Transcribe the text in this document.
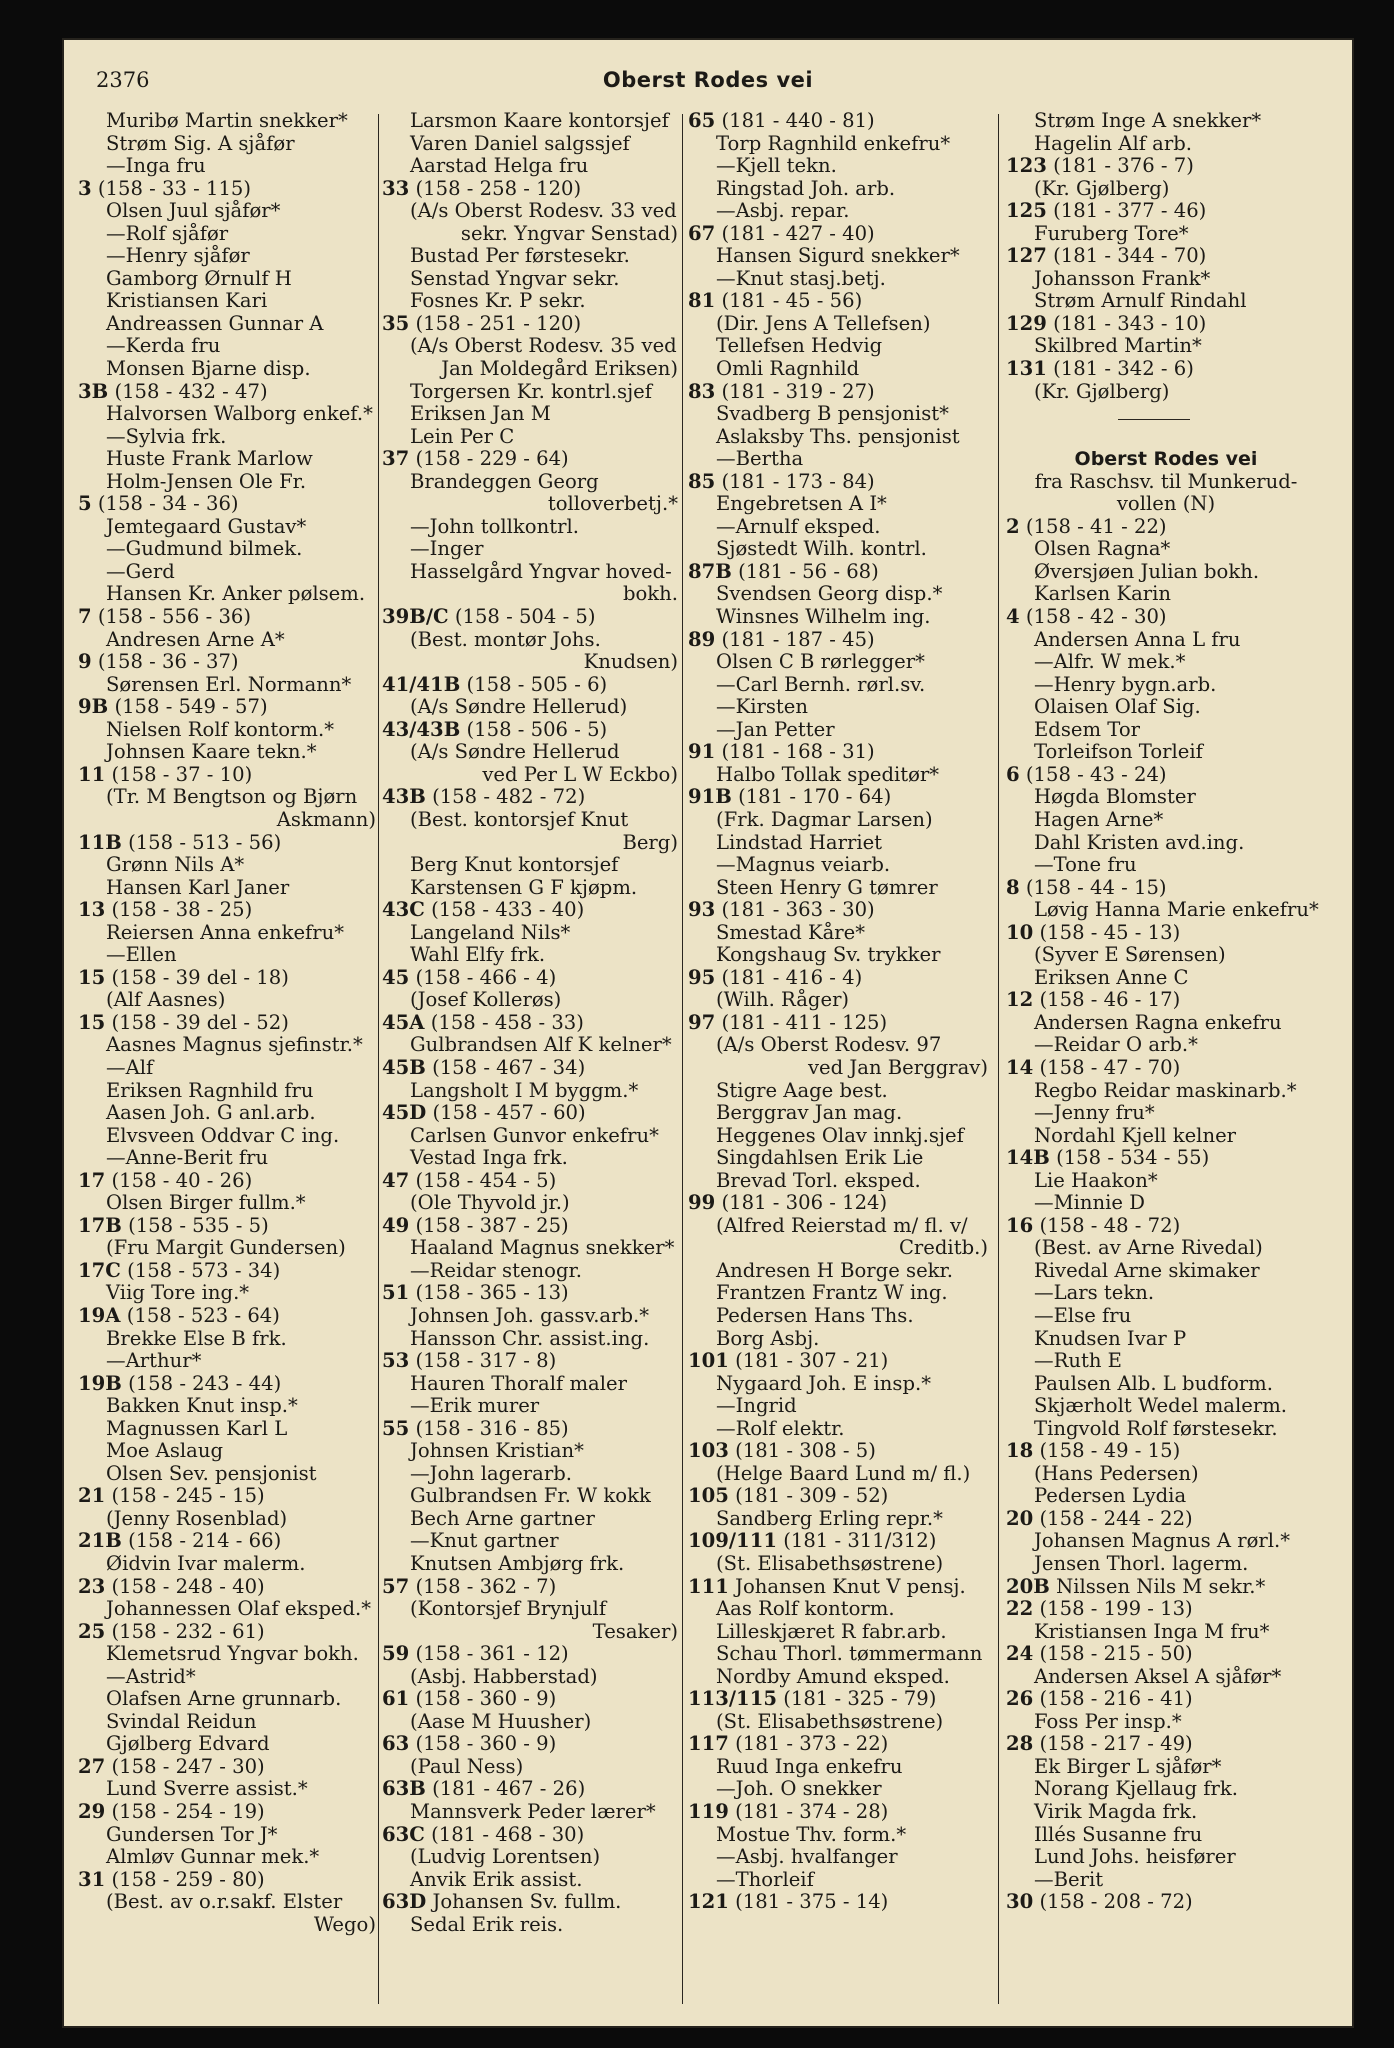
2376	Oberst Rodes vei
Muribø Martin snekker*
Strøm Sig. A sjåfør
—Inga fru
3 (158 - 33 - 115)
Olsen Juul sjåfør*
—Rolf sjåfør
—Henry sjåfør
Gamborg Ørnulf H
Kristiansen Kari
Andreassen Gunnar A
—Kerda fru
Monsen Bjarne disp.
3B (158 - 432 - 47)
Halvorsen Walborg enkef.*
—Sylvia frk.
Huste Frank Marlow
Holm-Jensen Ole Fr.
5 (158 - 34 - 36)
Jemtegaard Gustav*
—Gudmund bilmek.
—Gerd
Hansen Kr. Anker pølsem.
7 (158 - 556 - 36)
Andresen Arne A*
9 (158 - 36 - 37)
Sørensen Erl. Normann*
9B (158 - 549 - 57)
Nielsen Rolf kontorm.*
Johnsen Kaare tekn.*
11 (158 - 37 - 10)
(Tr. M Bengtson og Bjørn
Askmann)
11B (158 - 513 - 56)
Grønn Nils A*
Hansen Karl Janer
13 (158 - 38 - 25)
Reiersen Anna enkefru*
—Ellen
15 (158 - 39 del - 18)
(Alf Aasnes)
15 (158 - 39 del - 52)
Aasnes Magnus sjefinstr.*
—Alf
Eriksen Ragnhild fru
Aasen Joh. G anl.arb.
Elvsveen Oddvar C ing.
—Anne-Berit fru
17 (158 - 40 - 26)
Olsen Birger fullm.*
17B (158 - 535 - 5)
(Fru Margit Gundersen)
17C (158 - 573 - 34)
Viig Tore ing.*
19A (158 - 523 - 64)
Brekke Else B frk.
—Arthur*
19B (158 - 243 - 44)
Bakken Knut insp.*
Magnussen Karl L
Moe Aslaug
Olsen Sev. pensjonist
21 (158 - 245 - 15)
(Jenny Rosenblad)
21B (158 - 214 - 66)
Øidvin Ivar malerm.
23 (158 - 248 - 40)
Johannessen Olaf eksped.*
25 (158 - 232 - 61)
Klemetsrud Yngvar bokh.
—Astrid*
Olafsen Arne grunnarb.
Svindal Reidun
Gjølberg Edvard
27 (158 - 247 - 30)
Lund Sverre assist.*
29 (158 - 254 - 19)
Gundersen Tor J*
Almløv Gunnar mek.*
31 (158 - 259 - 80)
(Best. av o.r.sakf. Elster
Wego)
Larsmon Kaare kontorsjef
Varen Daniel salgssjef
Aarstad Helga fru
33 (158 - 258 - 120)
(A/s Oberst Rodesv. 33 ved
sekr. Yngvar Senstad)
Bustad Per førstesekr.
Senstad Yngvar sekr.
Fosnes Kr. P sekr.
35 (158 - 251 - 120)
(A/s Oberst Rodesv. 35 ved
Jan Moldegård Eriksen)
Torgersen Kr. kontrl.sjef
Eriksen Jan M
Lein Per C
37 (158 - 229 - 64)
Brandeggen Georg
tolloverbetj.*
—John tollkontrl.
—Inger
Hasselgård Yngvar hoved-
bokh.
39B/C (158 - 504 - 5)
(Best. montør Johs.
Knudsen)
41/41B (158 - 505 - 6)
(A/s Søndre Hellerud)
43/43B (158 - 506 - 5)
(A/s Søndre Hellerud
ved Per L W Eckbo)
43B (158 - 482 - 72)
(Best. kontorsjef Knut
Berg)
Berg Knut kontorsjef
Karstensen G F kjøpm.
43C (158 - 433 - 40)
Langeland Nils*
Wahl Elfy frk.
45 (158 - 466 - 4)
(Josef Kollerøs)
45A (158 - 458 - 33)
Gulbrandsen Alf K kelner*
45B (158 - 467 - 34)
Langsholt I M byggm.*
45D (158 - 457 - 60)
Carlsen Gunvor enkefru*
Vestad Inga frk.
47 (158 - 454 - 5)
(Ole Thyvold jr.)
49 (158 - 387 - 25)
Haaland Magnus snekker*
—Reidar stenogr.
51 (158 - 365 - 13)
Johnsen Joh. gassv.arb.*
Hansson Chr. assist.ing.
53 (158 - 317 - 8)
Hauren Thoralf maler
—Erik murer
55 (158 - 316 - 85)
Johnsen Kristian*
—John lagerarb.
Gulbrandsen Fr. W kokk
Bech Arne gartner
—Knut gartner
Knutsen Ambjørg frk.
57 (158 - 362 - 7)
(Kontorsjef Brynjulf
Tesaker)
59 (158 - 361 - 12)
(Asbj. Habberstad)
61 (158 - 360 - 9)
(Aase M Huusher)
63 (158 - 360 - 9)
(Paul Ness)
63B (181 - 467 - 26)
Mannsverk Peder lærer*
63C (181 - 468 - 30)
(Ludvig Lorentsen)
Anvik Erik assist.
63D Johansen Sv. fullm.
Sedal Erik reis.
65 (181 - 440 - 81)
Torp Ragnhild enkefru*
—Kjell tekn.
Ringstad Joh. arb.
—Asbj. repar.
67 (181 - 427 - 40)
Hansen Sigurd snekker*
—Knut stasj.betj.
81 (181 - 45 - 56)
(Dir. Jens A Tellefsen)
Tellefsen Hedvig
Omli Ragnhild
83 (181 - 319 - 27)
Svadberg B pensjonist*
Aslaksby Ths. pensjonist
—Bertha
85 (181 - 173 - 84)
Engebretsen A I*
—Arnulf eksped.
Sjøstedt Wilh. kontrl.
87B (181 - 56 - 68)
Svendsen Georg disp.*
Winsnes Wilhelm ing.
89 (181 - 187 - 45)
Olsen C B rørlegger*
—Carl Bernh. rørl.sv.
—Kirsten
—Jan Petter
91 (181 - 168 - 31)
Halbo Tollak speditør*
91B (181 - 170 - 64)
(Frk. Dagmar Larsen)
Lindstad Harriet
—Magnus veiarb.
Steen Henry G tømrer
93 (181 - 363 - 30)
Smestad Kåre*
Kongshaug Sv. trykker
95 (181 - 416 - 4)
(Wilh. Råger)
97 (181 - 411 - 125)
(A/s Oberst Rodesv. 97
ved Jan Berggrav)
Stigre Aage best.
Berggrav Jan mag.
Heggenes Olav innkj.sjef
Singdahlsen Erik Lie
Brevad Torl. eksped.
99 (181 - 306 - 124)
(Alfred Reierstad m/ fl. v/
Creditb.)
Andresen H Borge sekr.
Frantzen Frantz W ing.
Pedersen Hans Ths.
Borg Asbj.
101 (181 - 307 - 21)
Nygaard Joh. E insp.*
—Ingrid
—Rolf elektr.
103 (181 - 308 - 5)
(Helge Baard Lund m/ fl.)
105 (181 - 309 - 52)
Sandberg Erling repr.*
109/111 (181 - 311/312)
(St. Elisabethsøstrene)
111 Johansen Knut V pensj.
Aas Rolf kontorm.
Lilleskjæret R fabr.arb.
Schau Thorl. tømmermann
Nordby Amund eksped.
113/115 (181 - 325 - 79)
(St. Elisabethsøstrene)
117 (181 - 373 - 22)
Ruud Inga enkefru
—Joh. O snekker
119 (181 - 374 - 28)
Mostue Thv. form.*
—Asbj. hvalfanger
—Thorleif
121 (181 - 375 - 14)
Strøm Inge A snekker*
Hagelin Alf arb.
123 (181 - 376 - 7)
(Kr. Gjølberg)
125 (181 - 377 - 46)
Furuberg Tore*
127 (181 - 344 - 70)
Johansson Frank*
Strøm Arnulf Rindahl
129 (181 - 343 - 10)
Skilbred Martin*
131 (181 - 342 - 6)
(Kr. Gjølberg)
Oberst Rodes vei
fra Raschsv. til Munkerud-
vollen (N)
2 (158 - 41 - 22)
Olsen Ragna*
Øversjøen Julian bokh.
Karlsen Karin
4 (158 - 42 - 30)
Andersen Anna L fru
—Alfr. W mek.*
—Henry bygn.arb.
Olaisen Olaf Sig.
Edsem Tor
Torleifson Torleif
6 (158 - 43 - 24)
Høgda Blomster
Hagen Arne*
Dahl Kristen avd.ing.
—Tone fru
8 (158 - 44 - 15)
Løvig Hanna Marie enkefru*
10 (158 - 45 - 13)
(Syver E Sørensen)
Eriksen Anne C
12 (158 - 46 - 17)
Andersen Ragna enkefru
—Reidar O arb.*
14 (158 - 47 - 70)
Regbo Reidar maskinarb.*
—Jenny fru*
Nordahl Kjell kelner
14B (158 - 534 - 55)
Lie Haakon*
—Minnie D
16 (158 - 48 - 72)
(Best. av Arne Rivedal)
Rivedal Arne skimaker
—Lars tekn.
—Else fru
Knudsen Ivar P
—Ruth E
Paulsen Alb. L budform.
Skjærholt Wedel malerm.
Tingvold Rolf førstesekr.
18 (158 - 49 - 15)
(Hans Pedersen)
Pedersen Lydia
20 (158 - 244 - 22)
Johansen Magnus A rørl.*
Jensen Thorl. lagerm.
20B Nilssen Nils M sekr.*
22 (158 - 199 - 13)
Kristiansen Inga M fru*
24 (158 - 215 - 50)
Andersen Aksel A sjåfør*
26 (158 - 216 - 41)
Foss Per insp.*
28 (158 - 217 - 49)
Ek Birger L sjåfør*
Norang Kjellaug frk.
Virik Magda frk.
Illés Susanne fru
Lund Johs. heisfører
—Berit
30 (158 - 208 - 72)
